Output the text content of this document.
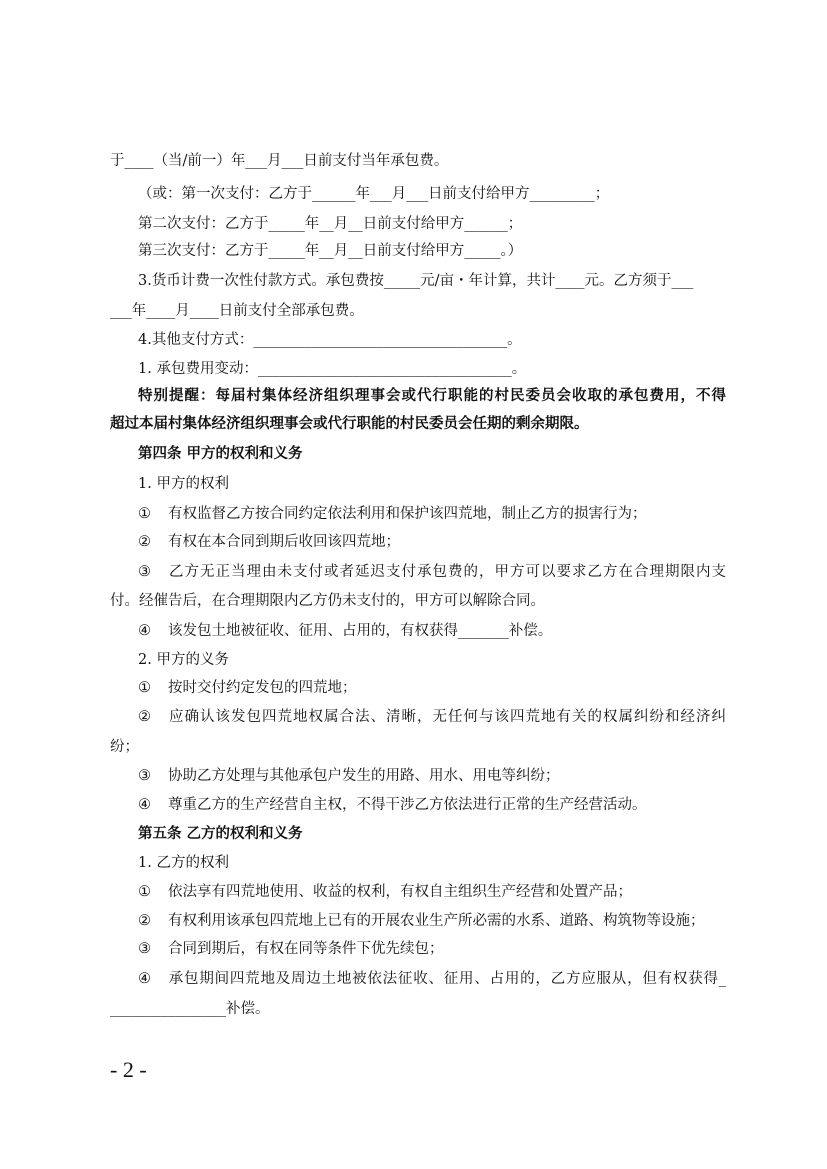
于____（当/前一）年___月___日前支付当年承包费。
（或：第一次支付：乙方于______年___月___日前支付给甲方_________；
第二次支付：乙方于_____年__月__日前支付给甲方______；
第三次支付：乙方于_____年__月__日前支付给甲方_____。）
3.货币计费一次性付款方式。承包费按_____元/亩・年计算，共计____元。乙方须于___
___年____月____日前支付全部承包费。
4.其他支付方式：___________________________________。
1. 承包费用变动：___________________________________。
特别提醒：每届村集体经济组织理事会或代行职能的村民委员会收取的承包费用，不得
超过本届村集体经济组织理事会或代行职能的村民委员会任期的剩余期限。
第四条 甲方的权利和义务
1. 甲方的权利
① 有权监督乙方按合同约定依法利用和保护该四荒地，制止乙方的损害行为；
② 有权在本合同到期后收回该四荒地；
③ 乙方无正当理由未支付或者延迟支付承包费的，甲方可以要求乙方在合理期限内支
付。经催告后，在合理期限内乙方仍未支付的，甲方可以解除合同。
④ 该发包土地被征收、征用、占用的，有权获得_______补偿。
2. 甲方的义务
① 按时交付约定发包的四荒地；
② 应确认该发包四荒地权属合法、清晰，无任何与该四荒地有关的权属纠纷和经济纠
纷；
③ 协助乙方处理与其他承包户发生的用路、用水、用电等纠纷；
④ 尊重乙方的生产经营自主权，不得干涉乙方依法进行正常的生产经营活动。
第五条 乙方的权利和义务
1. 乙方的权利
① 依法享有四荒地使用、收益的权利，有权自主组织生产经营和处置产品；
② 有权利用该承包四荒地上已有的开展农业生产所必需的水系、道路、构筑物等设施；
③ 合同到期后，有权在同等条件下优先续包；
④ 承包期间四荒地及周边土地被依法征收、征用、占用的，乙方应服从，但有权获得_
________________补偿。
- 2 -
